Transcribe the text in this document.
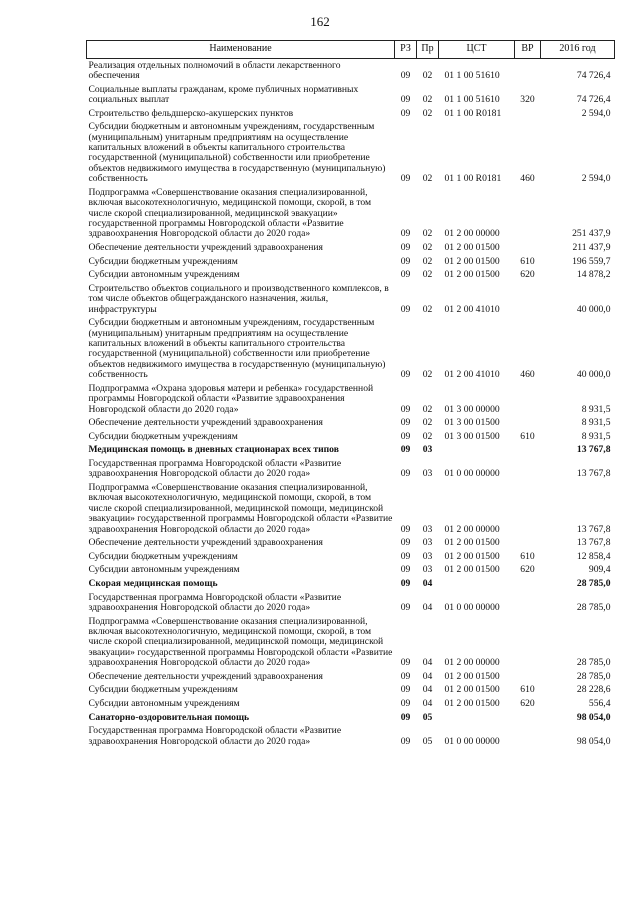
162
Наименование	РЗ	Пр	ЦСТ	ВР	2016 год
Реализация отдельных полномочий в области лекарственного обеспечения	09	02	01 1 00 51610		74 726,4
Социальные выплаты гражданам, кроме публичных нормативных социальных выплат	09	02	01 1 00 51610	320	74 726,4
Строительство фельдшерско-акушерских пунктов	09	02	01 1 00 R0181		2 594,0
Субсидии бюджетным и автономным учреждениям, государственным (муниципальным) унитарным предприятиям на осуществление капитальных вложений в объекты капитального строительства государственной (муниципальной) собственности или приобретение объектов недвижимого имущества в государственную (муниципальную) собственность	09	02	01 1 00 R0181	460	2 594,0
Подпрограмма «Совершенствование оказания специализированной, включая высокотехнологичную, медицинской помощи, скорой, в том числе скорой специализированной, медицинской эвакуации» государственной программы Новгородской области «Развитие здравоохранения Новгородской области до 2020 года»	09	02	01 2 00 00000		251 437,9
Обеспечение деятельности учреждений здравоохранения	09	02	01 2 00 01500		211 437,9
Субсидии бюджетным учреждениям	09	02	01 2 00 01500	610	196 559,7
Субсидии автономным учреждениям	09	02	01 2 00 01500	620	14 878,2
Строительство объектов социального и производственного комплексов, в том числе объектов общегражданского назначения, жилья, инфраструктуры	09	02	01 2 00 41010		40 000,0
Субсидии бюджетным и автономным учреждениям, государственным (муниципальным) унитарным предприятиям на осуществление капитальных вложений в объекты капитального строительства государственной (муниципальной) собственности или приобретение объектов недвижимого имущества в государственную (муниципальную) собственность	09	02	01 2 00 41010	460	40 000,0
Подпрограмма «Охрана здоровья матери и ребенка» государственной программы Новгородской области «Развитие здравоохранения Новгородской области до 2020 года»	09	02	01 3 00 00000		8 931,5
Обеспечение деятельности учреждений здравоохранения	09	02	01 3 00 01500		8 931,5
Субсидии бюджетным учреждениям	09	02	01 3 00 01500	610	8 931,5
Медицинская помощь в дневных стационарах всех типов	09	03			13 767,8
Государственная программа Новгородской области «Развитие здравоохранения Новгородской области до 2020 года»	09	03	01 0 00 00000		13 767,8
Подпрограмма «Совершенствование оказания специализированной, включая высокотехнологичную, медицинской помощи, скорой, в том числе скорой специализированной, медицинской помощи, медицинской эвакуации» государственной программы Новгородской области «Развитие здравоохранения Новгородской области до 2020 года»	09	03	01 2 00 00000		13 767,8
Обеспечение деятельности учреждений здравоохранения	09	03	01 2 00 01500		13 767,8
Субсидии бюджетным учреждениям	09	03	01 2 00 01500	610	12 858,4
Субсидии автономным учреждениям	09	03	01 2 00 01500	620	909,4
Скорая медицинская помощь	09	04			28 785,0
Государственная программа Новгородской области «Развитие здравоохранения Новгородской области до 2020 года»	09	04	01 0 00 00000		28 785,0
Подпрограмма «Совершенствование оказания специализированной, включая высокотехнологичную, медицинской помощи, скорой, в том числе скорой специализированной, медицинской помощи, медицинской эвакуации» государственной программы Новгородской области «Развитие здравоохранения Новгородской области до 2020 года»	09	04	01 2 00 00000		28 785,0
Обеспечение деятельности учреждений здравоохранения	09	04	01 2 00 01500		28 785,0
Субсидии бюджетным учреждениям	09	04	01 2 00 01500	610	28 228,6
Субсидии автономным учреждениям	09	04	01 2 00 01500	620	556,4
Санаторно-оздоровительная помощь	09	05			98 054,0
Государственная программа Новгородской области «Развитие здравоохранения Новгородской области до 2020 года»	09	05	01 0 00 00000		98 054,0
